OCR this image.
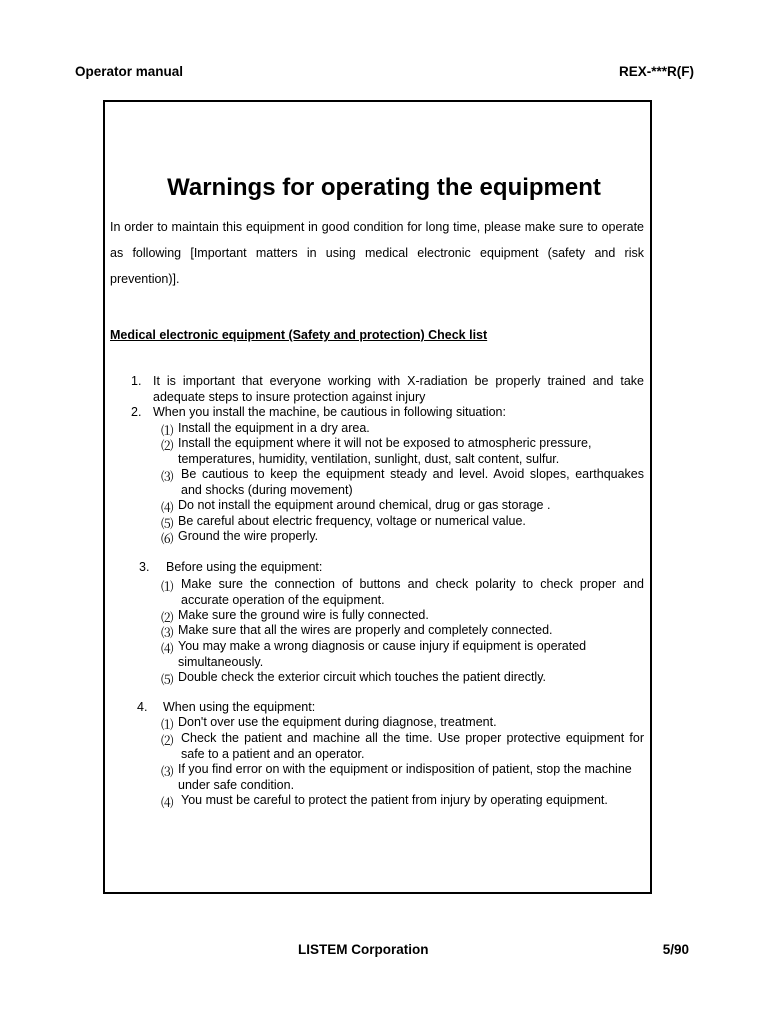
Operator manual	REX-***R(F)
Warnings for operating the equipment
In order to maintain this equipment in good condition for long time, please make sure to operate as following [Important matters in using medical electronic equipment (safety and risk prevention)].
Medical electronic equipment (Safety and protection) Check list
1. It is important that everyone working with X-radiation be properly trained and take adequate steps to insure protection against injury
2. When you install the machine, be cautious in following situation:
⑴ Install the equipment in a dry area.
⑵ Install the equipment where it will not be exposed to atmospheric pressure, temperatures, humidity, ventilation, sunlight, dust, salt content, sulfur.
⑶ Be cautious to keep the equipment steady and level. Avoid slopes, earthquakes and shocks (during movement)
⑷ Do not install the equipment around chemical, drug or gas storage .
⑸ Be careful about electric frequency, voltage or numerical value.
⑹ Ground the wire properly.
3. Before using the equipment:
⑴ Make sure the connection of buttons and check polarity to check proper and accurate operation of the equipment.
⑵ Make sure the ground wire is fully connected.
⑶ Make sure that all the wires are properly and completely connected.
⑷ You may make a wrong diagnosis or cause injury if equipment is operated simultaneously.
⑸ Double check the exterior circuit which touches the patient directly.
4. When using the equipment:
⑴ Don't over use the equipment during diagnose, treatment.
⑵ Check the patient and machine all the time. Use proper protective equipment for safe to a patient and an operator.
⑶ If you find error on with the equipment or indisposition of patient, stop the machine under safe condition.
⑷ You must be careful to protect the patient from injury by operating equipment.
LISTEM Corporation	5/90
